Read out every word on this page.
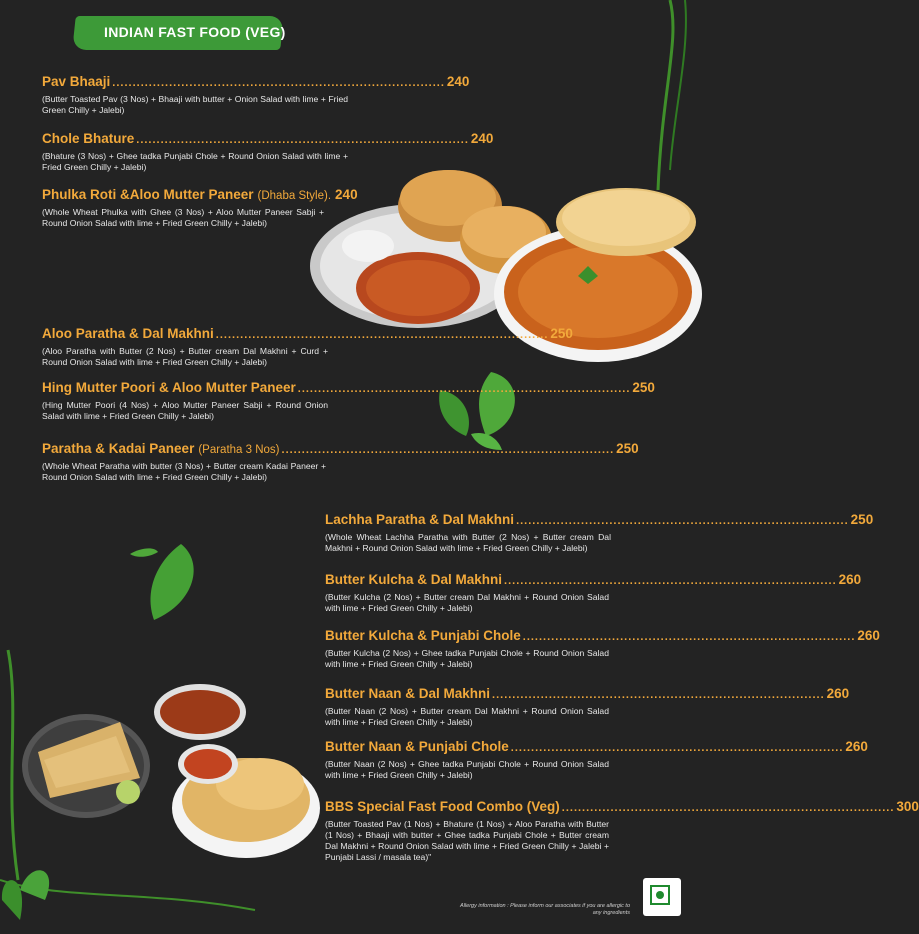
INDIAN FAST FOOD (VEG)
Pav Bhaaji .................................................................................. 240
(Butter Toasted Pav (3 Nos) + Bhaaji with butter + Onion Salad with lime + Fried Green Chilly + Jalebi)
Chole Bhature .................................................................................. 240
(Bhature (3 Nos) + Ghee tadka Punjabi Chole + Round Onion Salad with lime + Fried Green Chilly + Jalebi)
Phulka Roti &Aloo Mutter Paneer (Dhaba Style). 240
(Whole Wheat Phulka with Ghee (3 Nos) + Aloo Mutter Paneer Sabji + Round Onion Salad with lime + Fried Green Chilly + Jalebi)
Aloo Paratha & Dal Makhni .................................................................................. 250
(Aloo Paratha with Butter (2 Nos) + Butter cream Dal Makhni + Curd + Round Onion Salad with lime + Fried Green Chilly + Jalebi)
Hing Mutter Poori & Aloo Mutter Paneer .................................................................................. 250
(Hing Mutter Poori (4 Nos) + Aloo Mutter Paneer Sabji + Round Onion Salad with lime + Fried Green Chilly + Jalebi)
Paratha & Kadai Paneer (Paratha 3 Nos) .................................................................................. 250
(Whole Wheat Paratha with butter (3 Nos) + Butter cream Kadai Paneer + Round Onion Salad with lime + Fried Green Chilly + Jalebi)
Lachha Paratha & Dal Makhni .................................................................................. 250
(Whole Wheat Lachha Paratha with Butter (2 Nos) + Butter cream Dal Makhni + Round Onion Salad with lime + Fried Green Chilly + Jalebi)
Butter Kulcha & Dal Makhni .................................................................................. 260
(Butter Kulcha (2 Nos) + Butter cream Dal Makhni + Round Onion Salad with lime + Fried Green Chilly + Jalebi)
Butter Kulcha & Punjabi Chole .................................................................................. 260
(Butter Kulcha (2 Nos) + Ghee tadka Punjabi Chole + Round Onion Salad with lime + Fried Green Chilly + Jalebi)
Butter Naan & Dal Makhni .................................................................................. 260
(Butter Naan (2 Nos) + Butter cream Dal Makhni + Round Onion Salad with lime + Fried Green Chilly + Jalebi)
Butter Naan & Punjabi Chole .................................................................................. 260
(Butter Naan (2 Nos) + Ghee tadka Punjabi Chole + Round Onion Salad with lime + Fried Green Chilly + Jalebi)
BBS Special Fast Food Combo (Veg) .................................................................................. 300
(Butter Toasted Pav (1 Nos) + Bhature (1 Nos) + Aloo Paratha with Butter (1 Nos) + Bhaaji with butter + Ghee tadka Punjabi Chole + Butter cream Dal Makhni + Round Onion Salad with lime + Fried Green Chilly + Jalebi + Punjabi Lassi / masala tea)"
Allergy information : Please inform our associates if you are allergic to any ingredients
